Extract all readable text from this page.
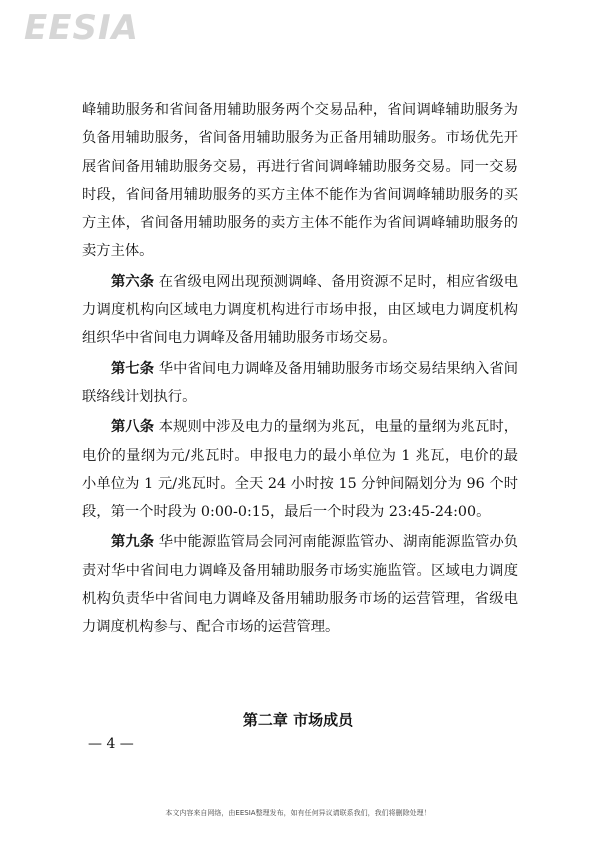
EESIA

峰辅助服务和省间备用辅助服务两个交易品种，省间调峰辅助服务为负备用辅助服务，省间备用辅助服务为正备用辅助服务。市场优先开展省间备用辅助服务交易，再进行省间调峰辅助服务交易。同一交易时段，省间备用辅助服务的买方主体不能作为省间调峰辅助服务的买方主体，省间备用辅助服务的卖方主体不能作为省间调峰辅助服务的卖方主体。

第六条 在省级电网出现预测调峰、备用资源不足时，相应省级电力调度机构向区域电力调度机构进行市场申报，由区域电力调度机构组织华中省间电力调峰及备用辅助服务市场交易。

第七条 华中省间电力调峰及备用辅助服务市场交易结果纳入省间联络线计划执行。

第八条 本规则中涉及电力的量纲为兆瓦，电量的量纲为兆瓦时，电价的量纲为元/兆瓦时。申报电力的最小单位为 1 兆瓦，电价的最小单位为 1 元/兆瓦时。全天 24 小时按 15 分钟间隔划分为 96 个时段，第一个时段为 0:00-0:15，最后一个时段为 23:45-24:00。

第九条 华中能源监管局会同河南能源监管办、湖南能源监管办负责对华中省间电力调峰及备用辅助服务市场实施监管。区域电力调度机构负责华中省间电力调峰及备用辅助服务市场的运营管理，省级电力调度机构参与、配合市场的运营管理。

第二章 市场成员
— 4 —
本文内容来自网络，由EESIA整理发布，如有任何异议请联系我们，我们将删除处理！
